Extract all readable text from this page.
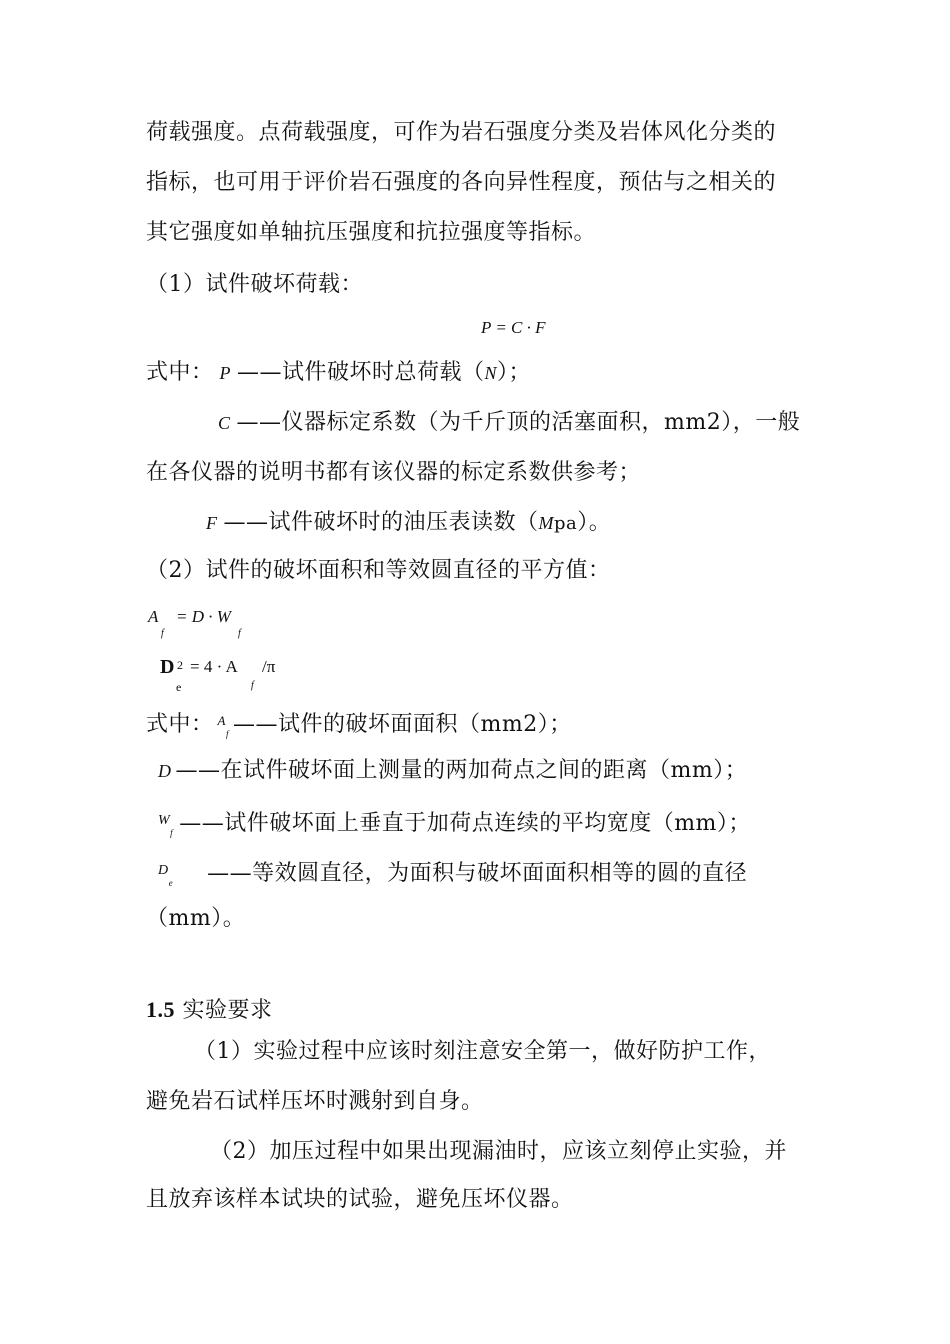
荷载强度。点荷载强度，可作为岩石强度分类及岩体风化分类的
指标，也可用于评价岩石强度的各向异性程度，预估与之相关的
其它强度如单轴抗压强度和抗拉强度等指标。
（1）试件破坏荷载：
P = C · F
式中： P ——试件破坏时总荷载（N）；
C ——仪器标定系数（为千斤顶的活塞面积，mm2），一般
在各仪器的说明书都有该仪器的标定系数供参考；
F ——试件破坏时的油压表读数（Mpa）。
（2）试件的破坏面积和等效圆直径的平方值：
A
f
= D · W
f
D 2
e
= 4 · A
f
/π
式中： $^A_f$ ——试件的破坏面面积（mm2）；
D ——在试件破坏面上测量的两加荷点之间的距离（mm）；
$^W_f$ ——试件破坏面上垂直于加荷点连续的平均宽度（mm）；
$^D_e$ ——等效圆直径，为面积与破坏面面积相等的圆的直径
（mm）。
1.5 实验要求
（1）实验过程中应该时刻注意安全第一，做好防护工作，
避免岩石试样压坏时溅射到自身。
（2）加压过程中如果出现漏油时，应该立刻停止实验，并
且放弃该样本试块的试验，避免压坏仪器。
